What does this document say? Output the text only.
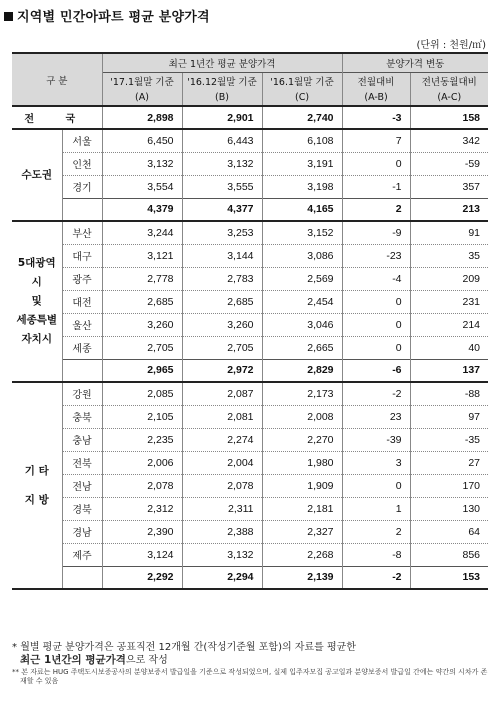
지역별 민간아파트 평균 분양가격
(단위 : 천원/㎡)
구 분		최근 1년간 평균 분양가격			분양가격 변동	
		'17.1월말 기준	'16.12월말 기준	'16.1월말 기준	전월대비	전년동월대비
		(A)	(B)	(C)	(A-B)	(A-C)
전 국		2,898	2,901	2,740	-3	158
수도권	서울	6,450	6,443	6,108	7	342
	인천	3,132	3,132	3,191	0	-59
	경기	3,554	3,555	3,198	-1	357
		4,379	4,377	4,165	2	213

5대광역시
및
세종특별
자치시	부산	3,244	3,253	3,152	-9	91
	대구	3,121	3,144	3,086	-23	35
	광주	2,778	2,783	2,569	-4	209
	대전	2,685	2,685	2,454	0	231
	울산	3,260	3,260	3,046	0	214
	세종	2,705	2,705	2,665	0	40
		2,965	2,972	2,829	-6	137

기 타
지 방	강원	2,085	2,087	2,173	-2	-88
	충북	2,105	2,081	2,008	23	97
	충남	2,235	2,274	2,270	-39	-35
	전북	2,006	2,004	1,980	3	27
	전남	2,078	2,078	1,909	0	170
	경북	2,312	2,311	2,181	1	130
	경남	2,390	2,388	2,327	2	64
	제주	3,124	3,132	2,268	-8	856
		2,292	2,294	2,139	-2	153
* 월별 평균 분양가격은 공표직전 12개월 간(작성기준월 포함)의 자료를 평균한
최근 1년간의 평균가격으로 작성
** 본 자료는 HUG 주택도시보증공사의 분양보증서 발급일을 기준으로 작성되었으며, 실제 입주자모집 공고일과 분양보증서 발급일 간에는 약간의 시차가 존재할 수 있음
